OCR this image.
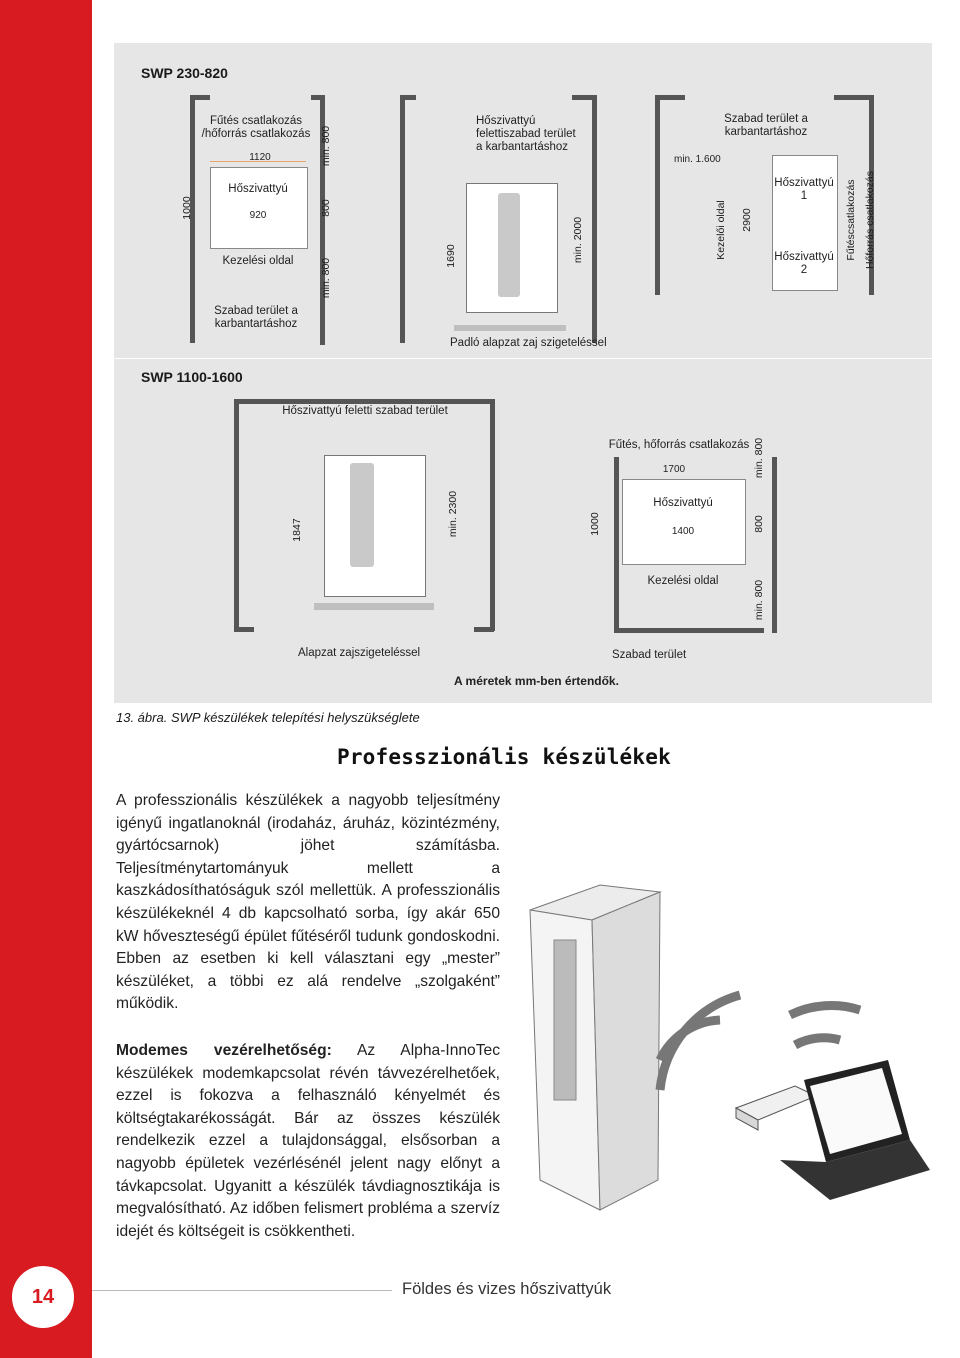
SWP 230-820
Fűtés csatlakozás /hőforrás csatlakozás
1120
Hőszivattyú
920
Kezelési oldal
1000
min. 800
800
min. 800
Szabad terület a karbantartáshoz
Hőszivattyú felettiszabad terület a karbantartáshoz
1690	min. 2000
Padló alapzat zaj szigeteléssel
Szabad terület a karbantartáshoz
min. 1.600
Kezelői oldal 2900
Hőszivattyú 1
Hőszivattyú 2
Fűtéscsatlakozás Hőforrás csatlakozás
SWP 1100-1600
Hőszivattyú feletti szabad terület
1847	min. 2300
Alapzat zajszigeteléssel
Fűtés, hőforrás csatlakozás
1700
Hőszivattyú
1400
1000
Kezelési oldal
min. 800
800
min. 800
Szabad terület
A méretek mm-ben értendők.
13. ábra. SWP készülékek telepítési helyszükséglete
Professzionális készülékek
A professzionális készülékek a nagyobb teljesítmény igényű ingatlanoknál (irodaház, áruház, közintézmény, gyártócsarnok) jöhet számításba. Teljesítménytartományuk mellett a kaszkádosíthatóságuk szól mellettük. A professzionális készülékeknél 4 db kapcsolható sorba, így akár 650 kW hőveszteségű épület fűtéséről tudunk gondoskodni. Ebben az esetben ki kell választani egy „mester” készüléket, a többi ez alá rendelve „szolgaként” működik.
Modemes vezérelhetőség: Az Alpha-InnoTec készülékek modemkapcsolat révén távvezérelhetőek, ezzel is fokozva a felhasználó kényelmét és költségtakarékosságát. Bár az összes készülék rendelkezik ezzel a tulajdonsággal, elsősorban a nagyobb épületek vezérlésénél jelent nagy előnyt a távkapcsolat. Ugyanitt a készülék távdiagnosztikája is megvalósítható. Az időben felismert probléma a szervíz idejét és költségeit is csökkentheti.
14	Földes és vizes hőszivattyúk
